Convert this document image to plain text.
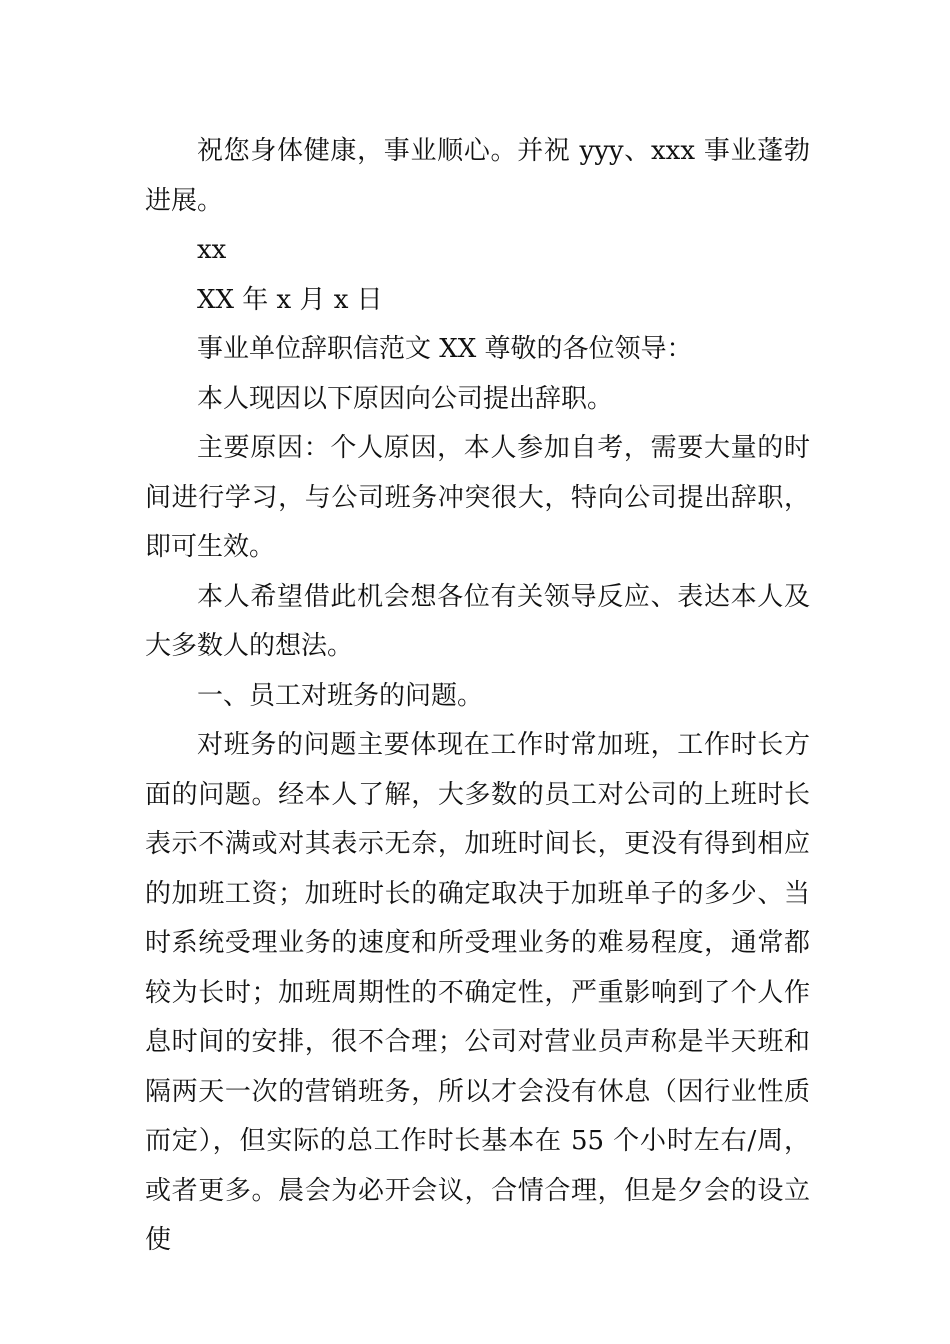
祝您身体健康，事业顺心。并祝 yyy、xxx 事业蓬勃进展。

xx

XX 年 x 月 x 日

事业单位辞职信范文 XX 尊敬的各位领导：

本人现因以下原因向公司提出辞职。

主要原因：个人原因，本人参加自考，需要大量的时间进行学习，与公司班务冲突很大，特向公司提出辞职，即可生效。

本人希望借此机会想各位有关领导反应、表达本人及大多数人的想法。

一、员工对班务的问题。

对班务的问题主要体现在工作时常加班，工作时长方面的问题。经本人了解，大多数的员工对公司的上班时长表示不满或对其表示无奈，加班时间长，更没有得到相应的加班工资；加班时长的确定取决于加班单子的多少、当时系统受理业务的速度和所受理业务的难易程度，通常都较为长时；加班周期性的不确定性，严重影响到了个人作息时间的安排，很不合理；公司对营业员声称是半天班和隔两天一次的营销班务，所以才会没有休息（因行业性质而定），但实际的总工作时长基本在 55 个小时左右/周，或者更多。晨会为必开会议，合情合理，但是夕会的设立使
